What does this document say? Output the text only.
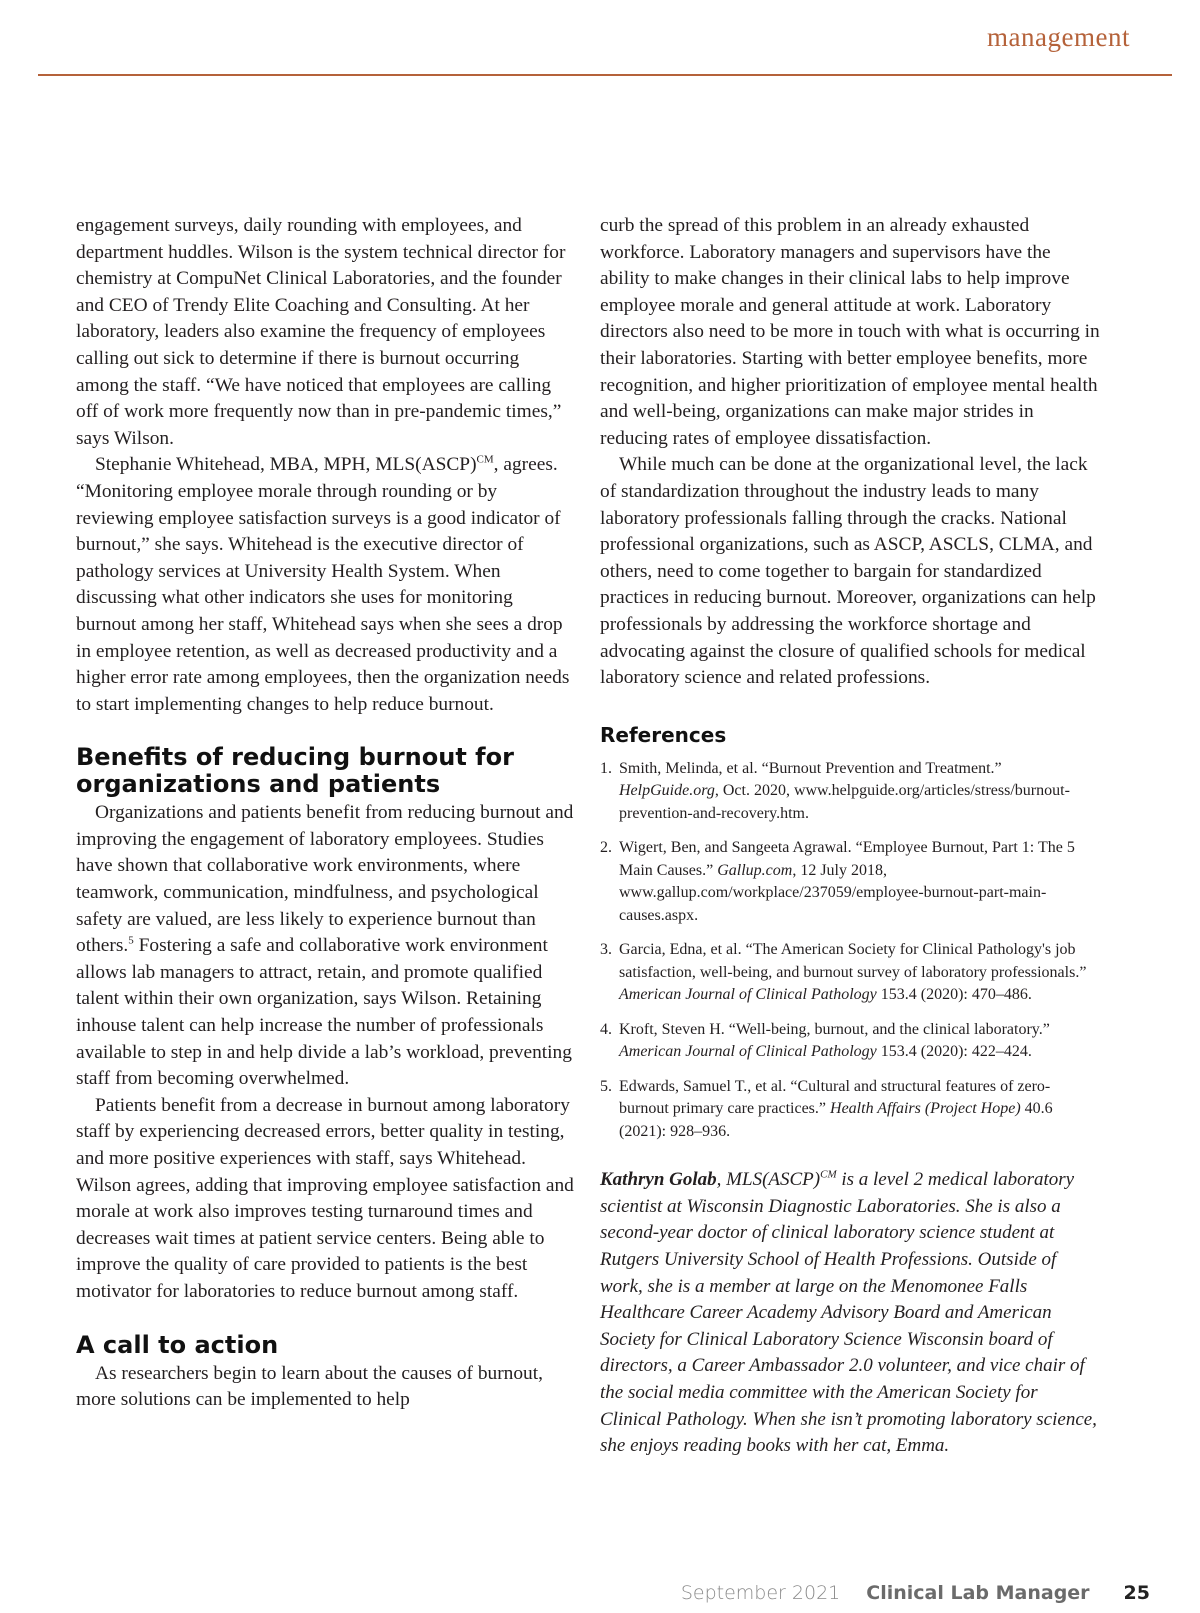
management

engagement surveys, daily rounding with employees, and department huddles. Wilson is the system technical director for chemistry at CompuNet Clinical Laboratories, and the founder and CEO of Trendy Elite Coaching and Consulting. At her laboratory, leaders also examine the frequency of employees calling out sick to determine if there is burnout occurring among the staff. “We have noticed that employees are calling off of work more frequently now than in pre-pandemic times,” says Wilson.

Stephanie Whitehead, MBA, MPH, MLS(ASCP)$^{CM}$, agrees. “Monitoring employee morale through rounding or by reviewing employee satisfaction surveys is a good indicator of burnout,” she says. Whitehead is the executive director of pathology services at University Health System. When discussing what other indicators she uses for monitoring burnout among her staff, Whitehead says when she sees a drop in employee retention, as well as decreased productivity and a higher error rate among employees, then the organization needs to start implementing changes to help reduce burnout.

Benefits of reducing burnout for organizations and patients

Organizations and patients benefit from reducing burnout and improving the engagement of laboratory employees. Studies have shown that collaborative work environments, where teamwork, communication, mindfulness, and psychological safety are valued, are less likely to experience burnout than others.$^5$ Fostering a safe and collaborative work environment allows lab managers to attract, retain, and promote qualified talent within their own organization, says Wilson. Retaining inhouse talent can help increase the number of professionals available to step in and help divide a lab’s workload, preventing staff from becoming overwhelmed.

Patients benefit from a decrease in burnout among laboratory staff by experiencing decreased errors, better quality in testing, and more positive experiences with staff, says Whitehead. Wilson agrees, adding that improving employee satisfaction and morale at work also improves testing turnaround times and decreases wait times at patient service centers. Being able to improve the quality of care provided to patients is the best motivator for laboratories to reduce burnout among staff.

A call to action

As researchers begin to learn about the causes of burnout, more solutions can be implemented to help

curb the spread of this problem in an already exhausted workforce. Laboratory managers and supervisors have the ability to make changes in their clinical labs to help improve employee morale and general attitude at work. Laboratory directors also need to be more in touch with what is occurring in their laboratories. Starting with better employee benefits, more recognition, and higher prioritization of employee mental health and well-being, organizations can make major strides in reducing rates of employee dissatisfaction.

While much can be done at the organizational level, the lack of standardization throughout the industry leads to many laboratory professionals falling through the cracks. National professional organizations, such as ASCP, ASCLS, CLMA, and others, need to come together to bargain for standardized practices in reducing burnout. Moreover, organizations can help professionals by addressing the workforce shortage and advocating against the closure of qualified schools for medical laboratory science and related professions.

References
1. Smith, Melinda, et al. “Burnout Prevention and Treatment.” HelpGuide.org, Oct. 2020, www.helpguide.org/articles/stress/burnout-prevention-and-recovery.htm.
2. Wigert, Ben, and Sangeeta Agrawal. “Employee Burnout, Part 1: The 5 Main Causes.” Gallup.com, 12 July 2018, www.gallup.com/workplace/237059/employee-burnout-part-main-causes.aspx.
3. Garcia, Edna, et al. “The American Society for Clinical Pathology's job satisfaction, well-being, and burnout survey of laboratory professionals.” American Journal of Clinical Pathology 153.4 (2020): 470–486.
4. Kroft, Steven H. “Well-being, burnout, and the clinical laboratory.” American Journal of Clinical Pathology 153.4 (2020): 422–424.
5. Edwards, Samuel T., et al. “Cultural and structural features of zero-burnout primary care practices.” Health Affairs (Project Hope) 40.6 (2021): 928–936.

Kathryn Golab, MLS(ASCP)$^{CM}$ is a level 2 medical laboratory scientist at Wisconsin Diagnostic Laboratories. She is also a second-year doctor of clinical laboratory science student at Rutgers University School of Health Professions. Outside of work, she is a member at large on the Menomonee Falls Healthcare Career Academy Advisory Board and American Society for Clinical Laboratory Science Wisconsin board of directors, a Career Ambassador 2.0 volunteer, and vice chair of the social media committee with the American Society for Clinical Pathology. When she isn’t promoting laboratory science, she enjoys reading books with her cat, Emma.

September 2021 Clinical Lab Manager 25
